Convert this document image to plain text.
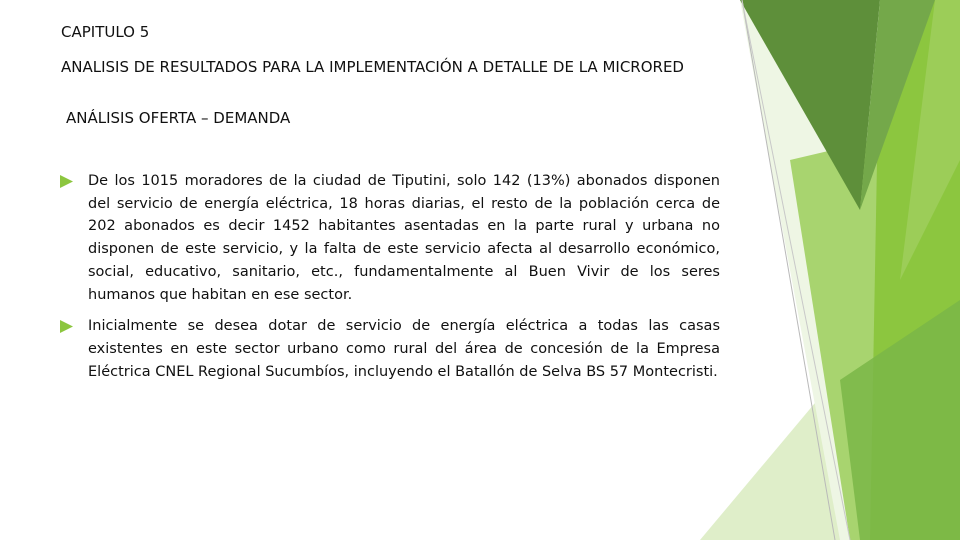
CAPITULO 5
ANALISIS DE RESULTADOS PARA LA IMPLEMENTACIÓN A DETALLE DE LA MICRORED
ANÁLISIS OFERTA – DEMANDA
De los 1015 moradores de la ciudad de Tiputini, solo 142 (13%) abonados disponen del servicio de energía eléctrica, 18 horas diarias, el resto de la población cerca de 202 abonados es decir 1452 habitantes asentadas en la parte rural y urbana no disponen de este servicio, y la falta de este servicio afecta al desarrollo económico, social, educativo, sanitario, etc., fundamentalmente al Buen Vivir de los seres humanos que habitan en ese sector.
Inicialmente se desea dotar de servicio de energía eléctrica a todas las casas existentes en este sector urbano como rural del área de concesión de la Empresa Eléctrica CNEL Regional Sucumbíos, incluyendo el Batallón de Selva BS 57 Montecristi.
